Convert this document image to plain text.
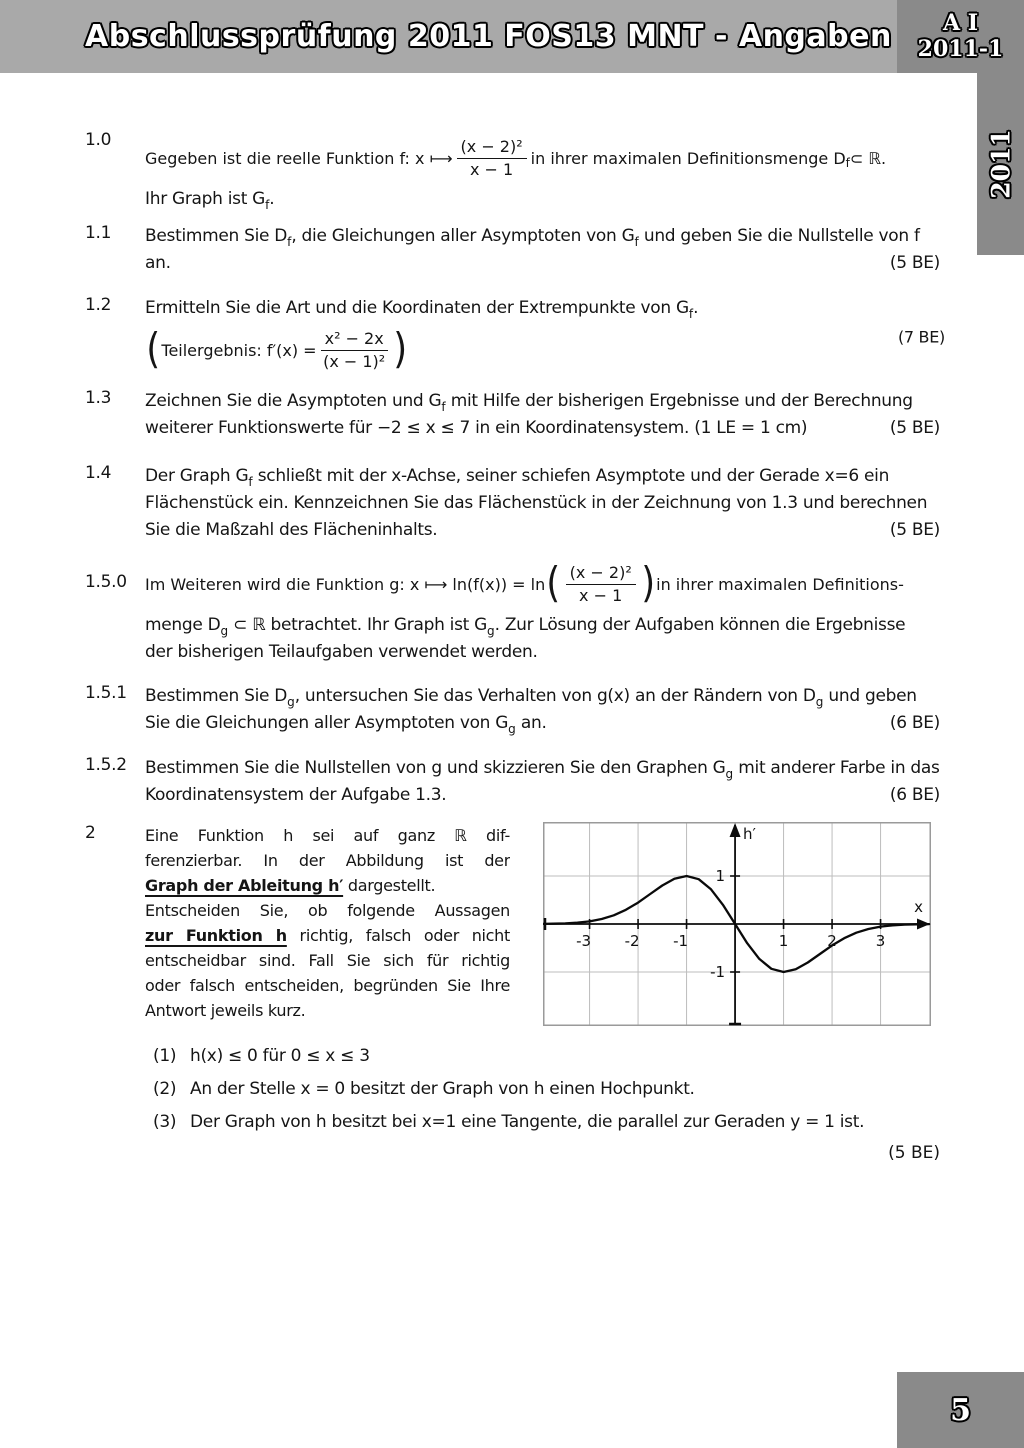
Abschlussprüfung 2011 FOS13 MNT - Angaben A I
2011-1
2011
5
1.0
Gegeben ist die reelle Funktion f: x ⟼ $\frac{\text{(x − 2)²}}{x - 1}$ in ihrer maximalen Definitionsmenge D f ⊂ ℝ.
Ihr Graph ist $G_f$.
1.1	Bestimmen Sie $D_f$, die Gleichungen aller Asymptoten von $G_f$ und geben Sie die Nullstelle von f
an.	(5 BE)
1.2	Ermitteln Sie die Art und die Koordinaten der Extrempunkte von $G_f$.
( Teilergebnis: $f'(x) = \frac{\text{x² − 2x}}{\text{(x − 1)²}}$ )	(7 BE)
1.3	Zeichnen Sie die Asymptoten und $G_f$ mit Hilfe der bisherigen Ergebnisse und der Berechnung
weiterer Funktionswerte für −2 ≤ x ≤ 7 in ein Koordinatensystem. (1 LE = 1 cm)	(5 BE)
1.4	Der Graph $G_f$ schließt mit der x-Achse, seiner schiefen Asymptote und der Gerade x=6 ein
Flächenstück ein. Kennzeichnen Sie das Flächenstück in der Zeichnung von 1.3 und berechnen
Sie die Maßzahl des Flächeninhalts.	(5 BE)
1.5.0	Im Weiteren wird die Funktion g: x ⟼ ln(f(x)) = ln ( $\frac{\text{(x − 2)²}}{x - 1}$ ) in ihrer maximalen Definitions-
menge $D_g$ ⊂ ℝ betrachtet. Ihr Graph ist $G_g$. Zur Lösung der Aufgaben können die Ergebnisse
der bisherigen Teilaufgaben verwendet werden.
1.5.1	Bestimmen Sie $D_g$, untersuchen Sie das Verhalten von g(x) an der Rändern von $D_g$ und geben
Sie die Gleichungen aller Asymptoten von $G_g$ an.	(6 BE)
1.5.2	Bestimmen Sie die Nullstellen von g und skizzieren Sie den Graphen $G_g$ mit anderer Farbe in das
Koordinatensystem der Aufgabe 1.3.	(6 BE)
2	Eine Funktion h sei auf ganz ℝ dif-
ferenzierbar. In der Abbildung ist der
Graph der Ableitung h′ dargestellt.
Entscheiden Sie, ob folgende Aussagen
zur Funktion h richtig, falsch oder nicht
entscheidbar sind. Fall Sie sich für richtig
oder falsch entscheiden, begründen Sie Ihre
Antwort jeweils kurz.
-3 -2 -1	1	2	3
1
-1
h′
x
(1) h(x) ≤ 0 für 0 ≤ x ≤ 3
(2) An der Stelle x = 0 besitzt der Graph von h einen Hochpunkt.
(3) Der Graph von h besitzt bei x=1 eine Tangente, die parallel zur Geraden y = 1 ist.
(5 BE)
